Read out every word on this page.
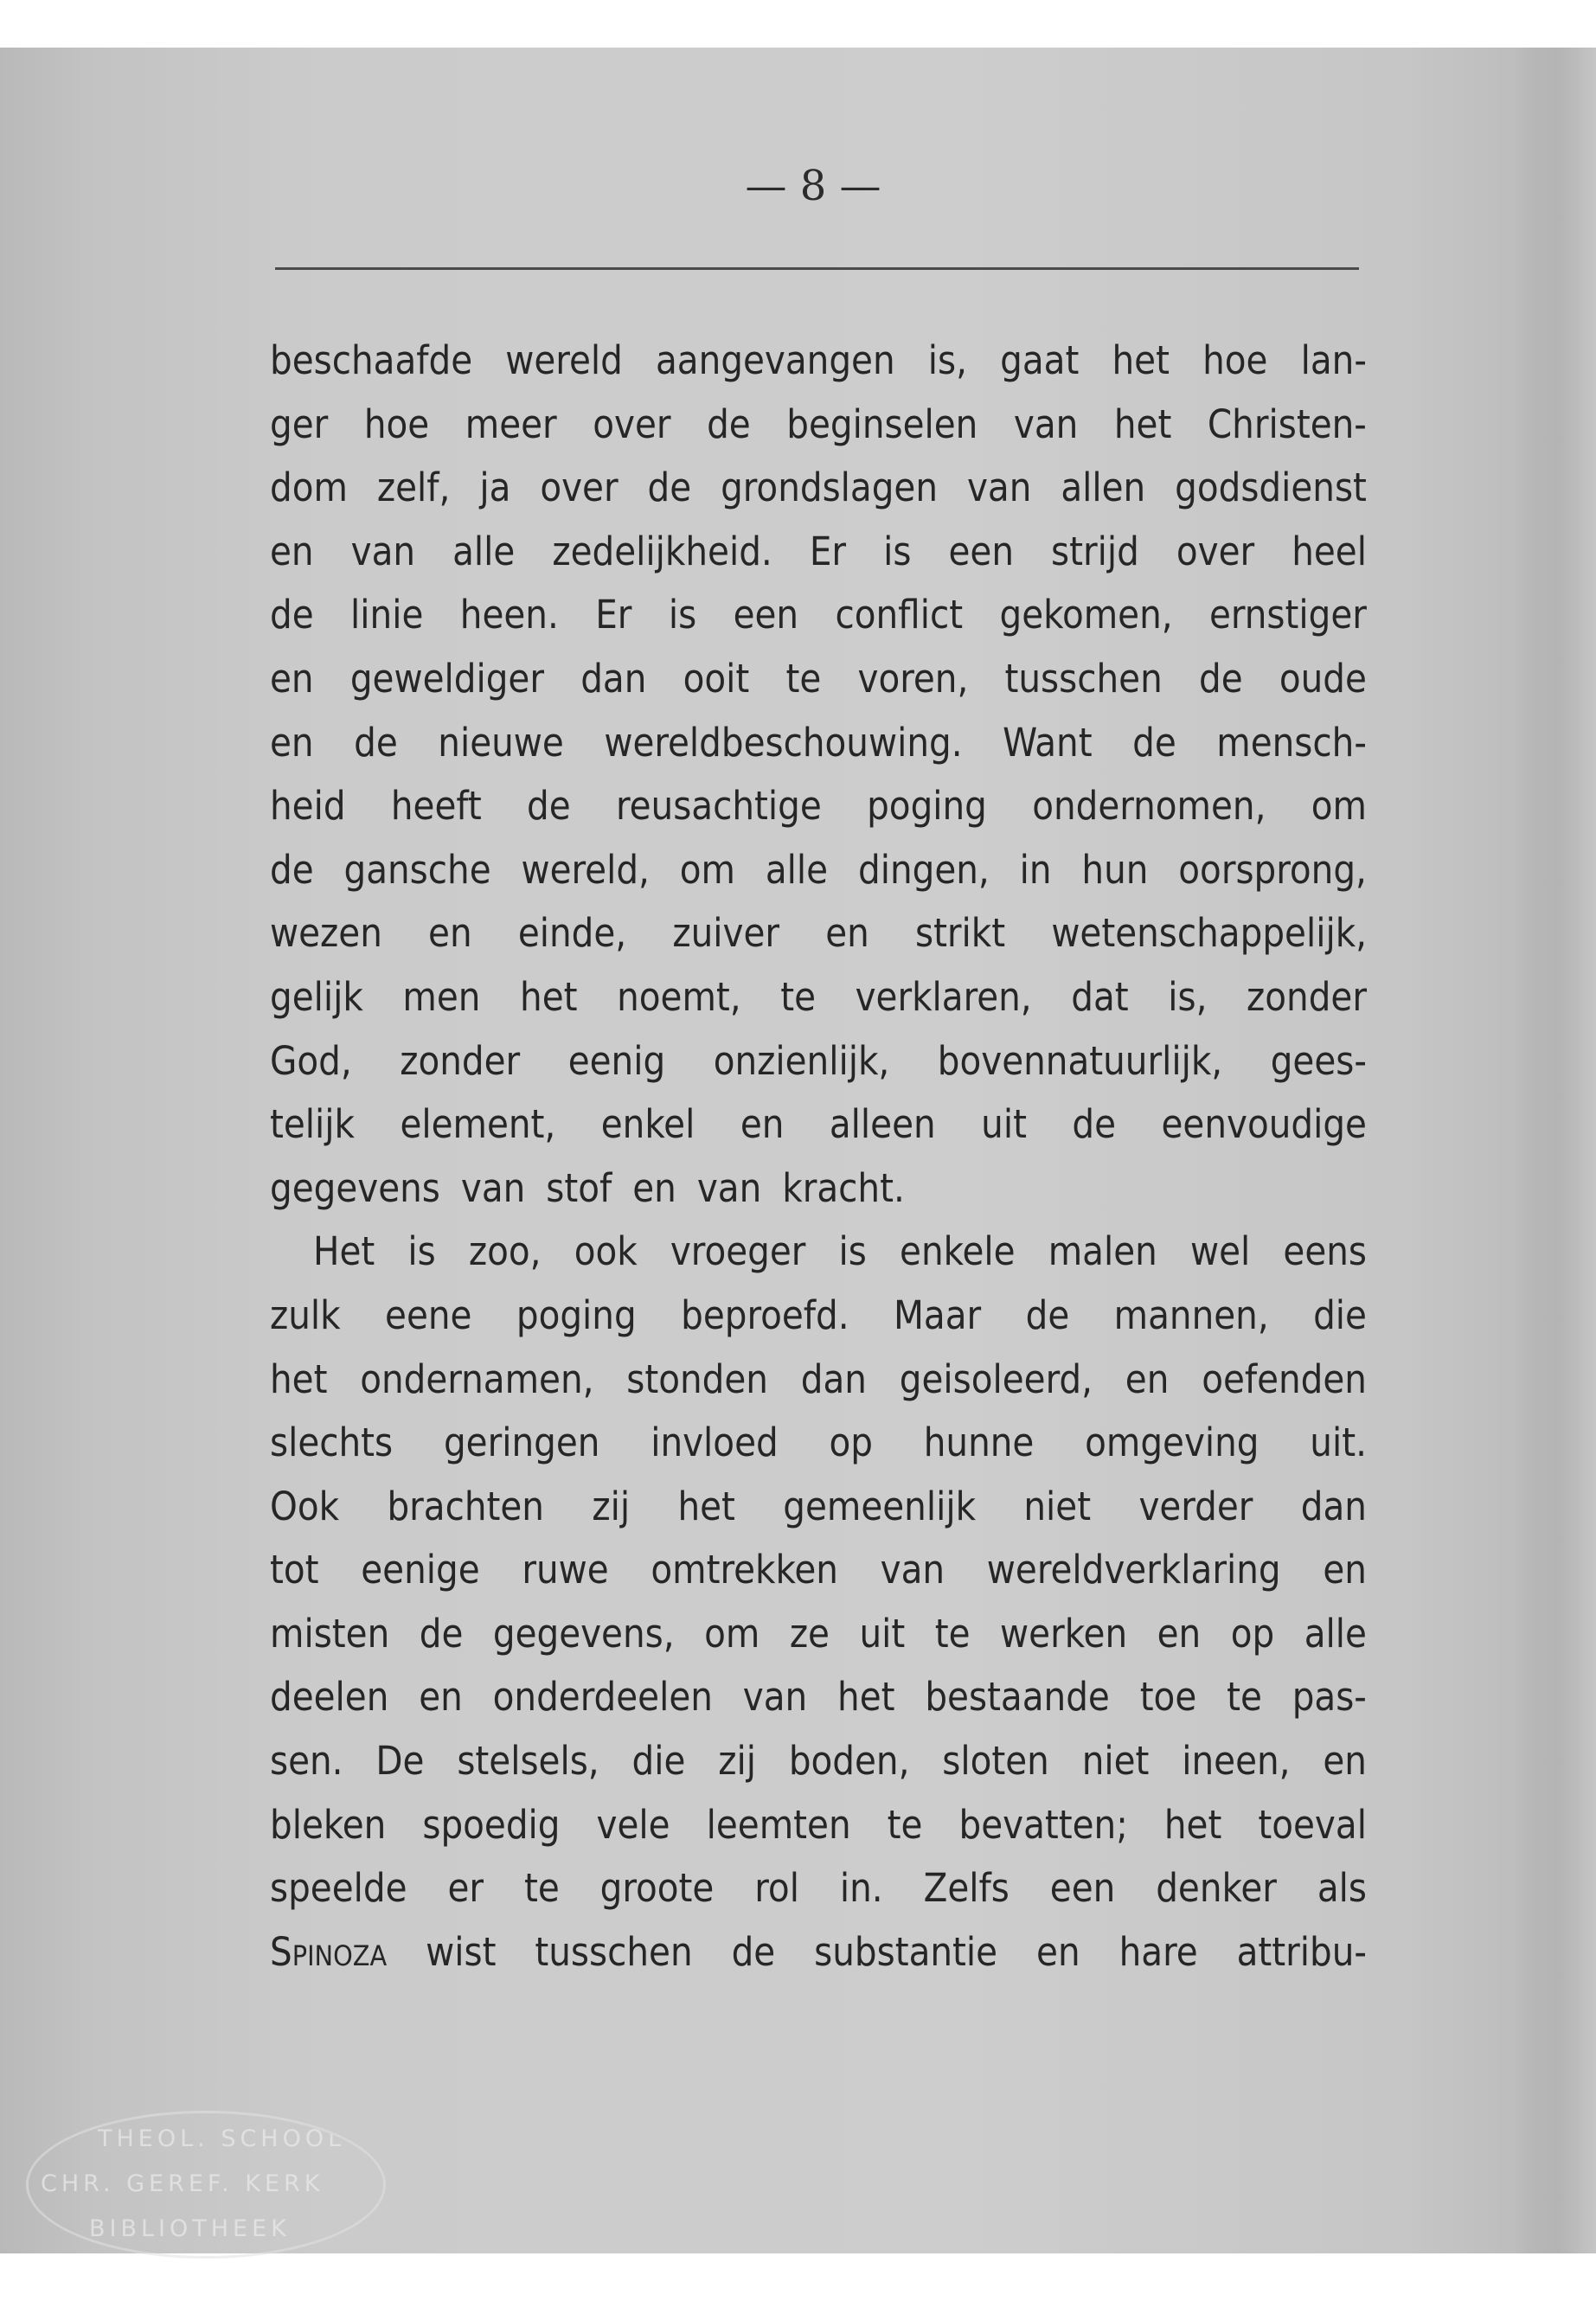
— 8 —
beschaafde wereld aangevangen is, gaat het hoe lan-
ger hoe meer over de beginselen van het Christen-
dom zelf, ja over de grondslagen van allen godsdienst
en van alle zedelijkheid. Er is een strijd over heel
de linie heen. Er is een conflict gekomen, ernstiger
en geweldiger dan ooit te voren, tusschen de oude
en de nieuwe wereldbeschouwing. Want de mensch-
heid heeft de reusachtige poging ondernomen, om
de gansche wereld, om alle dingen, in hun oorsprong,
wezen en einde, zuiver en strikt wetenschappelijk,
gelijk men het noemt, te verklaren, dat is, zonder
God, zonder eenig onzienlijk, bovennatuurlijk, gees-
telijk element, enkel en alleen uit de eenvoudige
gegevens van stof en van kracht.
Het is zoo, ook vroeger is enkele malen wel eens
zulk eene poging beproefd. Maar de mannen, die
het ondernamen, stonden dan geisoleerd, en oefenden
slechts geringen invloed op hunne omgeving uit.
Ook brachten zij het gemeenlijk niet verder dan
tot eenige ruwe omtrekken van wereldverklaring en
misten de gegevens, om ze uit te werken en op alle
deelen en onderdeelen van het bestaande toe te pas-
sen. De stelsels, die zij boden, sloten niet ineen, en
bleken spoedig vele leemten te bevatten; het toeval
speelde er te groote rol in. Zelfs een denker als
Spinoza wist tusschen de substantie en hare attribu-
THEOL. SCHOOL
CHR. GEREF. KERK
BIBLIOTHEEK
